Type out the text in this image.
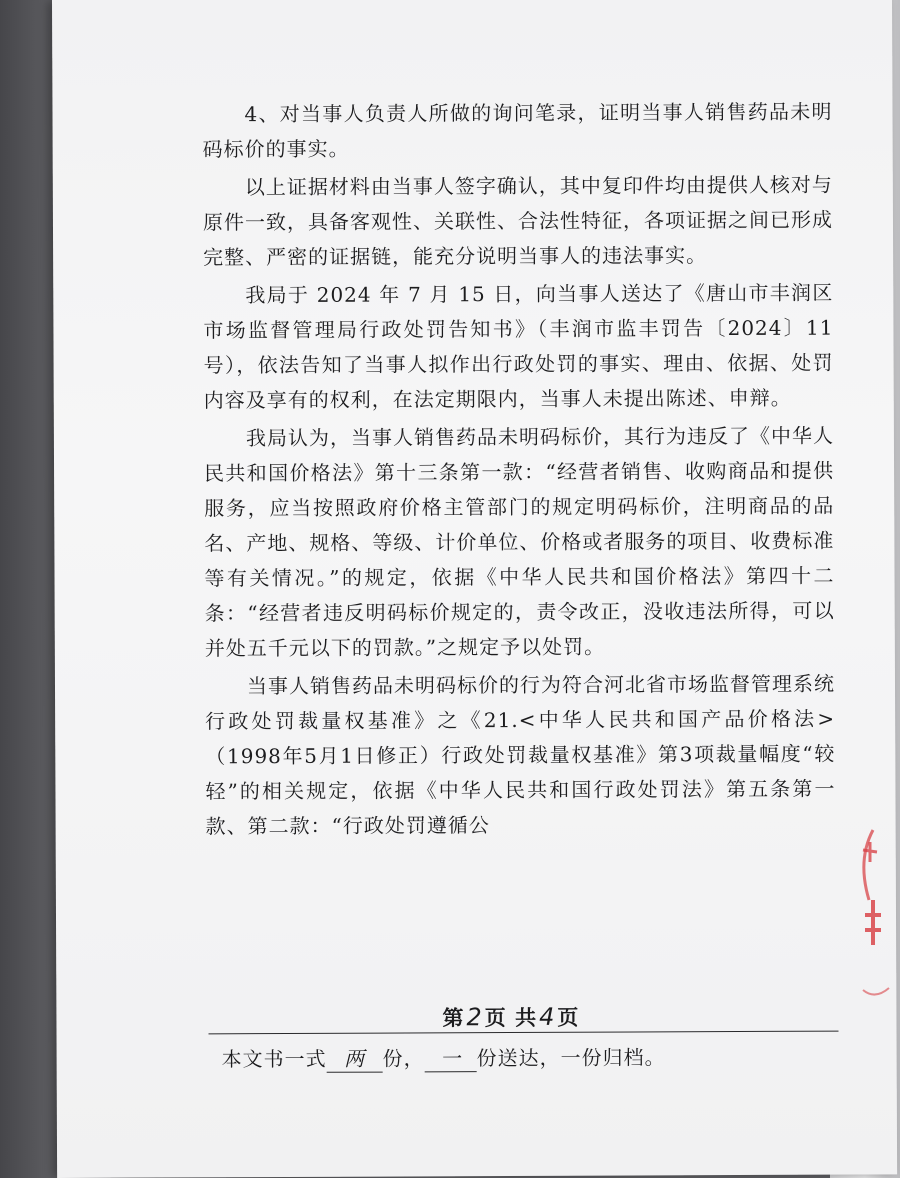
4、对当事人负责人所做的询问笔录，证明当事人销售药品未明码标价的事实。

以上证据材料由当事人签字确认，其中复印件均由提供人核对与原件一致，具备客观性、关联性、合法性特征，各项证据之间已形成完整、严密的证据链，能充分说明当事人的违法事实。

我局于 2024 年 7 月 15 日，向当事人送达了《唐山市丰润区市场监督管理局行政处罚告知书》（丰润市监丰罚告〔2024〕11 号），依法告知了当事人拟作出行政处罚的事实、理由、依据、处罚内容及享有的权利，在法定期限内，当事人未提出陈述、申辩。

我局认为，当事人销售药品未明码标价，其行为违反了《中华人民共和国价格法》第十三条第一款：“经营者销售、收购商品和提供服务，应当按照政府价格主管部门的规定明码标价，注明商品的品名、产地、规格、等级、计价单位、价格或者服务的项目、收费标准等有关情况。”的规定，依据《中华人民共和国价格法》第四十二条：“经营者违反明码标价规定的，责令改正，没收违法所得，可以并处五千元以下的罚款。”之规定予以处罚。

当事人销售药品未明码标价的行为符合河北省市场监督管理系统行政处罚裁量权基准》之《21.<中华人民共和国产品价格法>（1998年5月1日修正）行政处罚裁量权基准》第3项裁量幅度“较轻”的相关规定，依据《中华人民共和国行政处罚法》第五条第一款、第二款：“行政处罚遵循公

第2页 共4页
本文书一式 两 份， 一 份送达，一份归档。
